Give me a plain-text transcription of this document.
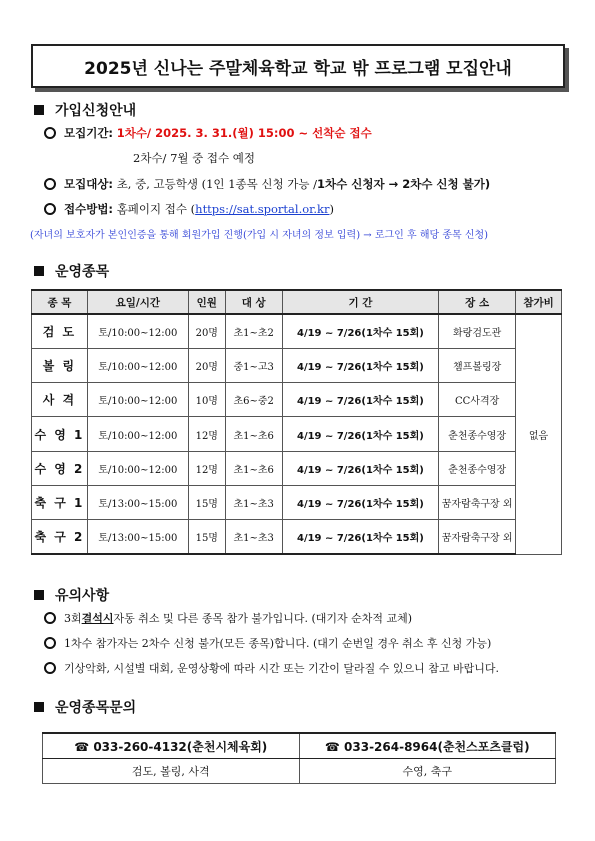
2025년 신나는 주말체육학교 학교 밖 프로그램 모집안내
가입신청안내
모집기간:
1차수/ 2025. 3. 31.(월) 15:00 ~ 선착순 접수
2차수/ 7월 중 접수 예정
모집대상:
초, 중, 고등학생 (1인 1종목 신청 가능 / 1차수 신청자 → 2차수 신청 불가)
접수방법:
홈페이지 접수 ( https://sat.sportal.or.kr )
(자녀의 보호자가 본인인증을 통해 회원가입 진행(가입 시 자녀의 정보 입력) → 로그인 후 해당 종목 신청)
운영종목
종 목	요일/시간	인원	대 상	기 간	장 소	참가비
검 도	토/10:00~12:00	20명	초1~초2	4/19 ~ 7/26(1차수 15회)	화랑검도관	없음
볼 링	토/10:00~12:00	20명	중1~고3	4/19 ~ 7/26(1차수 15회)	챔프볼링장	
사 격	토/10:00~12:00	10명	초6~중2	4/19 ~ 7/26(1차수 15회)	CC사격장	
수 영 1	토/10:00~12:00	12명	초1~초6	4/19 ~ 7/26(1차수 15회)	춘천종수영장	
수 영 2	토/10:00~12:00	12명	초1~초6	4/19 ~ 7/26(1차수 15회)	춘천종수영장	
축 구 1	토/13:00~15:00	15명	초1~초3	4/19 ~ 7/26(1차수 15회)	꿈자람축구장 외	
축 구 2	토/13:00~15:00	15명	초1~초3	4/19 ~ 7/26(1차수 15회)	꿈자람축구장 외	
유의사항
3회 결석시 자동 취소 및 다른 종목 참가 불가입니다. (대기자 순차적 교체)
1차수 참가자는 2차수 신청 불가(모든 종목)합니다. (대기 순번일 경우 취소 후 신청 가능)
기상악화, 시설별 대회, 운영상황에 따라 시간 또는 기간이 달라질 수 있으니 참고 바랍니다.
운영종목문의
☎ 033-260-4132(춘천시체육회)	☎ 033-264-8964(춘천스포츠클럽)
검도, 볼링, 사격	수영, 축구
